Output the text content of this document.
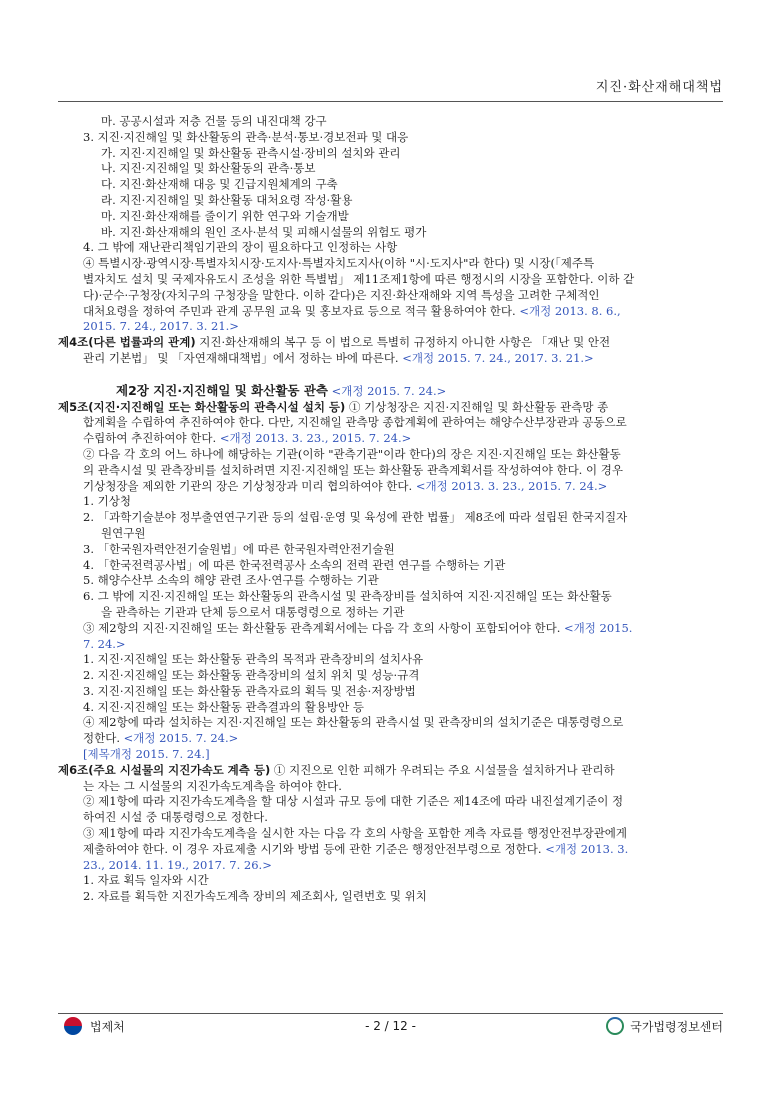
지진·화산재해대책법
마. 공공시설과 저층 건물 등의 내진대책 강구
3. 지진·지진해일 및 화산활동의 관측·분석·통보·경보전파 및 대응
가. 지진·지진해일 및 화산활동 관측시설·장비의 설치와 관리
나. 지진·지진해일 및 화산활동의 관측·통보
다. 지진·화산재해 대응 및 긴급지원체계의 구축
라. 지진·지진해일 및 화산활동 대처요령 작성·활용
마. 지진·화산재해를 줄이기 위한 연구와 기술개발
바. 지진·화산재해의 원인 조사·분석 및 피해시설물의 위험도 평가
4. 그 밖에 재난관리책임기관의 장이 필요하다고 인정하는 사항
④ 특별시장·광역시장·특별자치시장·도지사·특별자치도지사(이하 "시·도지사"라 한다) 및 시장(「제주특
별자치도 설치 및 국제자유도시 조성을 위한 특별법」 제11조제1항에 따른 행정시의 시장을 포함한다. 이하 같
다)·군수·구청장(자치구의 구청장을 말한다. 이하 같다)은 지진·화산재해와 지역 특성을 고려한 구체적인
대처요령을 정하여 주민과 관계 공무원 교육 및 홍보자료 등으로 적극 활용하여야 한다. <개정 2013. 8. 6.,
2015. 7. 24., 2017. 3. 21.>
제4조(다른 법률과의 관계) 지진·화산재해의 복구 등 이 법으로 특별히 규정하지 아니한 사항은 「재난 및 안전
관리 기본법」 및 「자연재해대책법」에서 정하는 바에 따른다. <개정 2015. 7. 24., 2017. 3. 21.>
제2장 지진·지진해일 및 화산활동 관측 <개정 2015. 7. 24.>
제5조(지진·지진해일 또는 화산활동의 관측시설 설치 등) ① 기상청장은 지진·지진해일 및 화산활동 관측망 종
합계획을 수립하여 추진하여야 한다. 다만, 지진해일 관측망 종합계획에 관하여는 해양수산부장관과 공동으로
수립하여 추진하여야 한다. <개정 2013. 3. 23., 2015. 7. 24.>
② 다음 각 호의 어느 하나에 해당하는 기관(이하 "관측기관"이라 한다)의 장은 지진·지진해일 또는 화산활동
의 관측시설 및 관측장비를 설치하려면 지진·지진해일 또는 화산활동 관측계획서를 작성하여야 한다. 이 경우
기상청장을 제외한 기관의 장은 기상청장과 미리 협의하여야 한다. <개정 2013. 3. 23., 2015. 7. 24.>
1. 기상청
2. 「과학기술분야 정부출연연구기관 등의 설립·운영 및 육성에 관한 법률」 제8조에 따라 설립된 한국지질자
원연구원
3. 「한국원자력안전기술원법」에 따른 한국원자력안전기술원
4. 「한국전력공사법」에 따른 한국전력공사 소속의 전력 관련 연구를 수행하는 기관
5. 해양수산부 소속의 해양 관련 조사·연구를 수행하는 기관
6. 그 밖에 지진·지진해일 또는 화산활동의 관측시설 및 관측장비를 설치하여 지진·지진해일 또는 화산활동
을 관측하는 기관과 단체 등으로서 대통령령으로 정하는 기관
③ 제2항의 지진·지진해일 또는 화산활동 관측계획서에는 다음 각 호의 사항이 포함되어야 한다. <개정 2015.
7. 24.>
1. 지진·지진해일 또는 화산활동 관측의 목적과 관측장비의 설치사유
2. 지진·지진해일 또는 화산활동 관측장비의 설치 위치 및 성능·규격
3. 지진·지진해일 또는 화산활동 관측자료의 획득 및 전송·저장방법
4. 지진·지진해일 또는 화산활동 관측결과의 활용방안 등
④ 제2항에 따라 설치하는 지진·지진해일 또는 화산활동의 관측시설 및 관측장비의 설치기준은 대통령령으로
정한다. <개정 2015. 7. 24.>
[제목개정 2015. 7. 24.]
제6조(주요 시설물의 지진가속도 계측 등) ① 지진으로 인한 피해가 우려되는 주요 시설물을 설치하거나 관리하
는 자는 그 시설물의 지진가속도계측을 하여야 한다.
② 제1항에 따라 지진가속도계측을 할 대상 시설과 규모 등에 대한 기준은 제14조에 따라 내진설계기준이 정
하여진 시설 중 대통령령으로 정한다.
③ 제1항에 따라 지진가속도계측을 실시한 자는 다음 각 호의 사항을 포함한 계측 자료를 행정안전부장관에게
제출하여야 한다. 이 경우 자료제출 시기와 방법 등에 관한 기준은 행정안전부령으로 정한다. <개정 2013. 3.
23., 2014. 11. 19., 2017. 7. 26.>
1. 자료 획득 일자와 시간
2. 자료를 획득한 지진가속도계측 장비의 제조회사, 일련번호 및 위치
법제처	- 2 / 12 -	국가법령정보센터
